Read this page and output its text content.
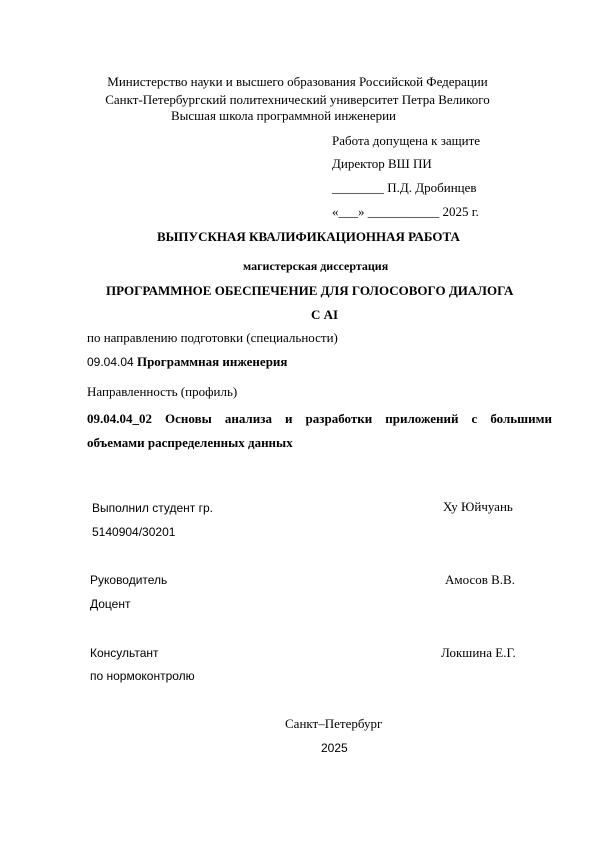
Министерство науки и высшего образования Российской Федерации
Санкт-Петербургский политехнический университет Петра Великого
Высшая школа программной инженерии
Работа допущена к защите
Директор ВШ ПИ
________ П.Д. Дробинцев
«___» ___________ 2025 г.
ВЫПУСКНАЯ КВАЛИФИКАЦИОННАЯ РАБОТА
магистерская диссертация
ПРОГРАММНОЕ ОБЕСПЕЧЕНИЕ ДЛЯ ГОЛОСОВОГО ДИАЛОГА
С AI
по направлению подготовки (специальности)
09.04.04 Программная инженерия
Направленность (профиль)
09.04.04_02 Основы анализа и разработки приложений с большими
объемами распределенных данных
Выполнил студент гр.	Ху Юйчуань
5140904/30201
Руководитель	Амосов В.В.
Доцент
Консультант	Локшина Е.Г.
по нормоконтролю
Санкт–Петербург
2025
